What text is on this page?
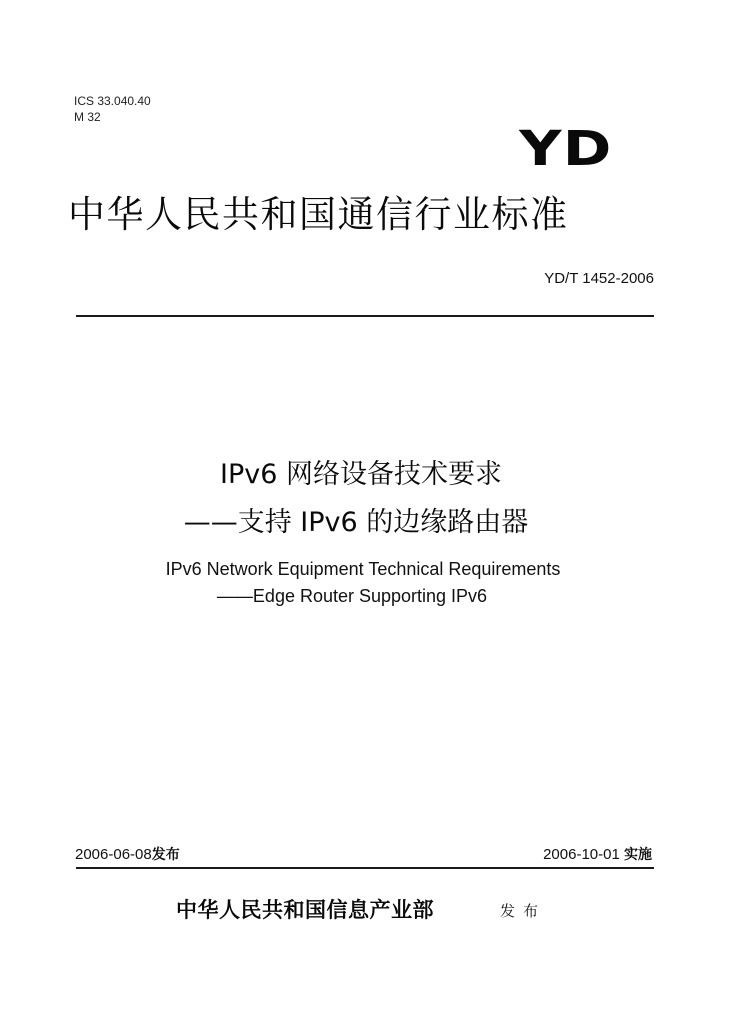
ICS 33.040.40
M 32
YD
中华人民共和国通信行业标准
YD/T 1452-2006
IPv6 网络设备技术要求
——支持 IPv6 的边缘路由器
IPv6 Network Equipment Technical Requirements
——Edge Router Supporting IPv6
2006-06-08发布	2006-10-01 实施
中华人民共和国信息产业部	发布
